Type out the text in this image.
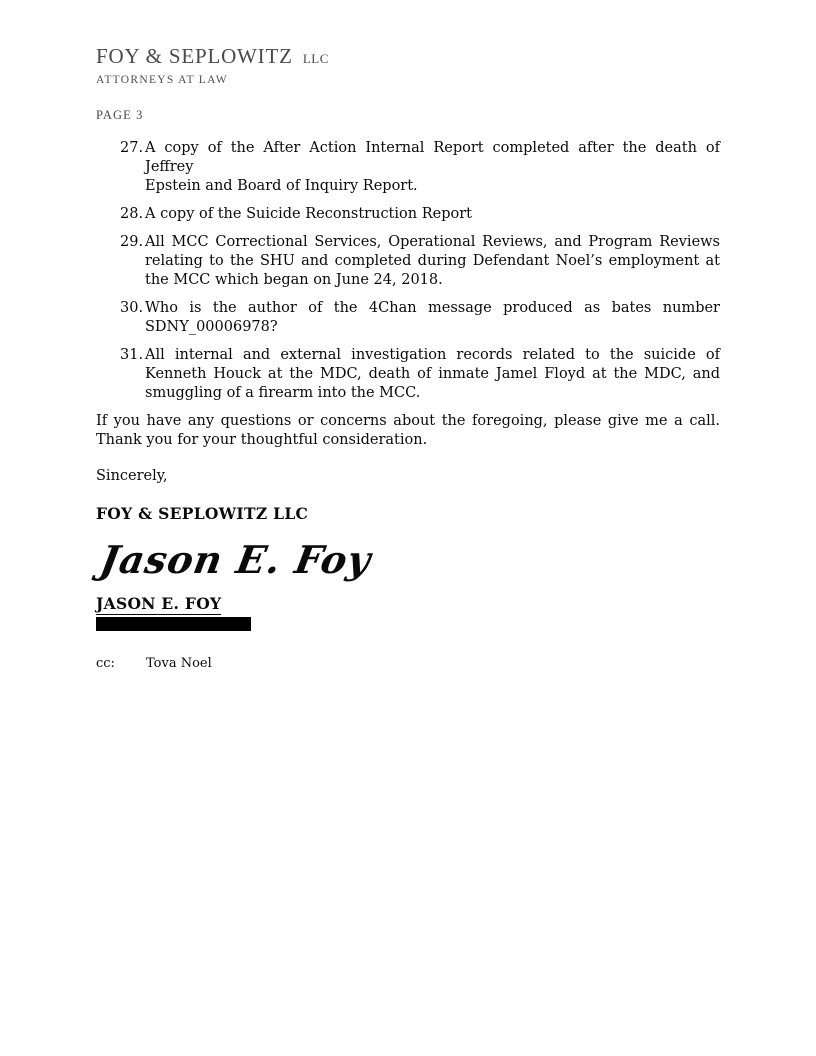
FOY & SEPLOWITZ LLC
ATTORNEYS AT LAW
PAGE 3
27. A copy of the After Action Internal Report completed after the death of Jeffrey
Epstein and Board of Inquiry Report.
28. A copy of the Suicide Reconstruction Report
29. All MCC Correctional Services, Operational Reviews, and Program Reviews
relating to the SHU and completed during Defendant Noel’s employment at
the MCC which began on June 24, 2018.
30. Who is the author of the 4Chan message produced as bates number
SDNY_00006978?
31. All internal and external investigation records related to the suicide of
Kenneth Houck at the MDC, death of inmate Jamel Floyd at the MDC, and
smuggling of a firearm into the MCC.
If you have any questions or concerns about the foregoing, please give me a call.
Thank you for your thoughtful consideration.
Sincerely,
FOY & SEPLOWITZ LLC
Jason E. Foy
JASON E. FOY
cc: Tova Noel
